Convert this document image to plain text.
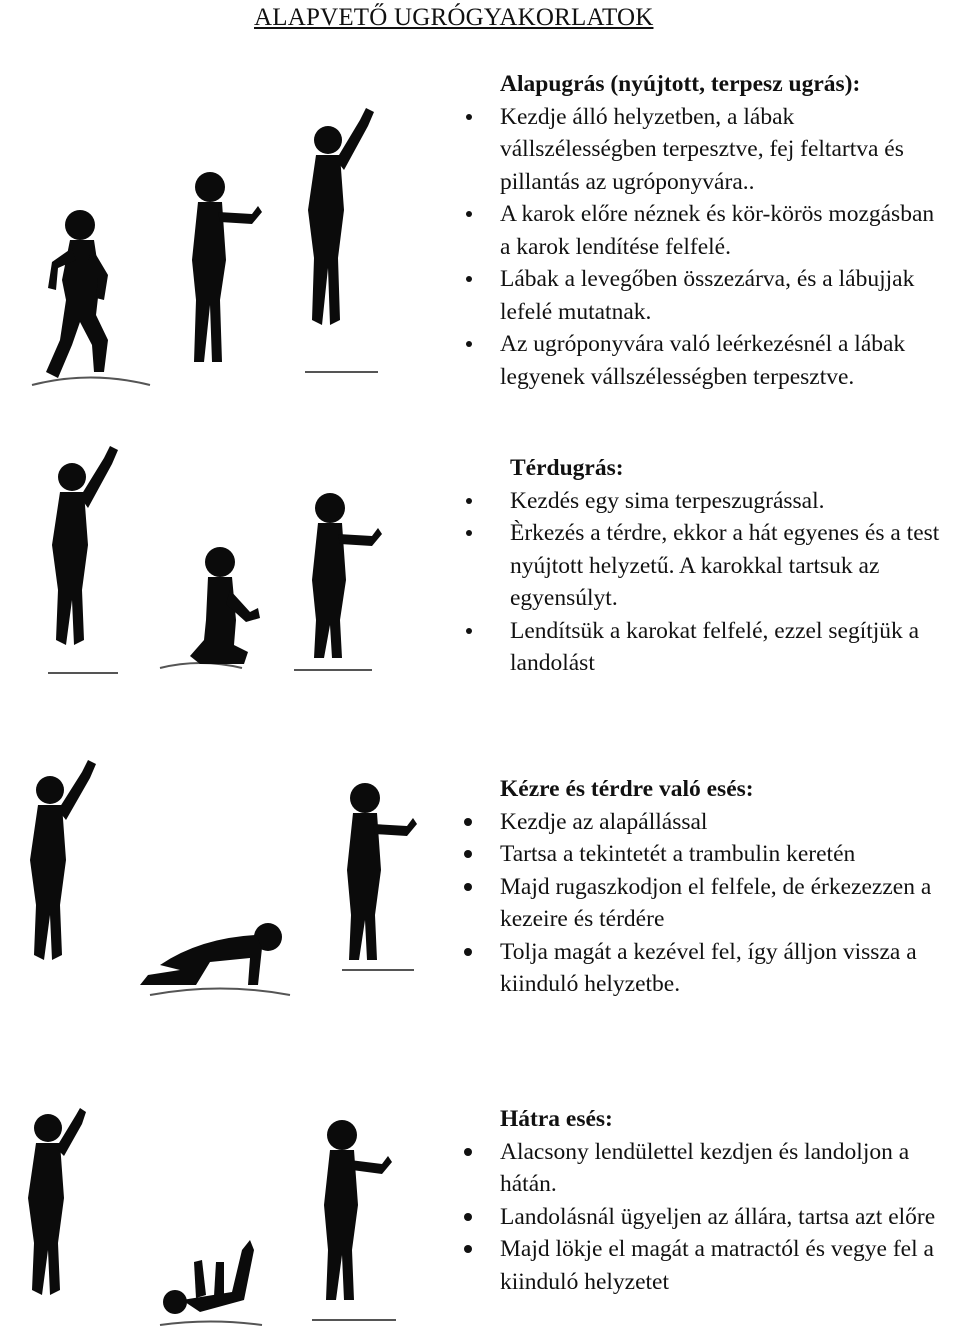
ALAPVETŐ UGRÓGYAKORLATOK
Alapugrás (nyújtott, terpesz ugrás):
Kezdje álló helyzetben, a lábak vállszélességben terpesztve, fej feltartva és pillantás az ugróponyvára..
A karok előre néznek és kör-körös mozgásban a karok lendítése felfelé.
Lábak a levegőben összezárva, és a lábujjak lefelé mutatnak.
Az ugróponyvára való leérkezésnél a lábak legyenek vállszélességben terpesztve.
Térdugrás:
Kezdés egy sima terpeszugrással.
Èrkezés a térdre, ekkor a hát egyenes és a test nyújtott helyzetű. A karokkal tartsuk az egyensúlyt.
Lendítsük a karokat felfelé, ezzel segítjük a landolást
Kézre és térdre való esés:
Kezdje az alapállással
Tartsa a tekintetét a trambulin keretén
Majd rugaszkodjon el felfele, de érkezezzen a kezeire és térdére
Tolja magát a kezével fel, így álljon vissza a kiinduló helyzetbe.
Hátra esés:
Alacsony lendülettel kezdjen és landoljon a hátán.
Landolásnál ügyeljen az állára, tartsa azt előre
Majd lökje el magát a matractól és vegye fel a kiinduló helyzetet
